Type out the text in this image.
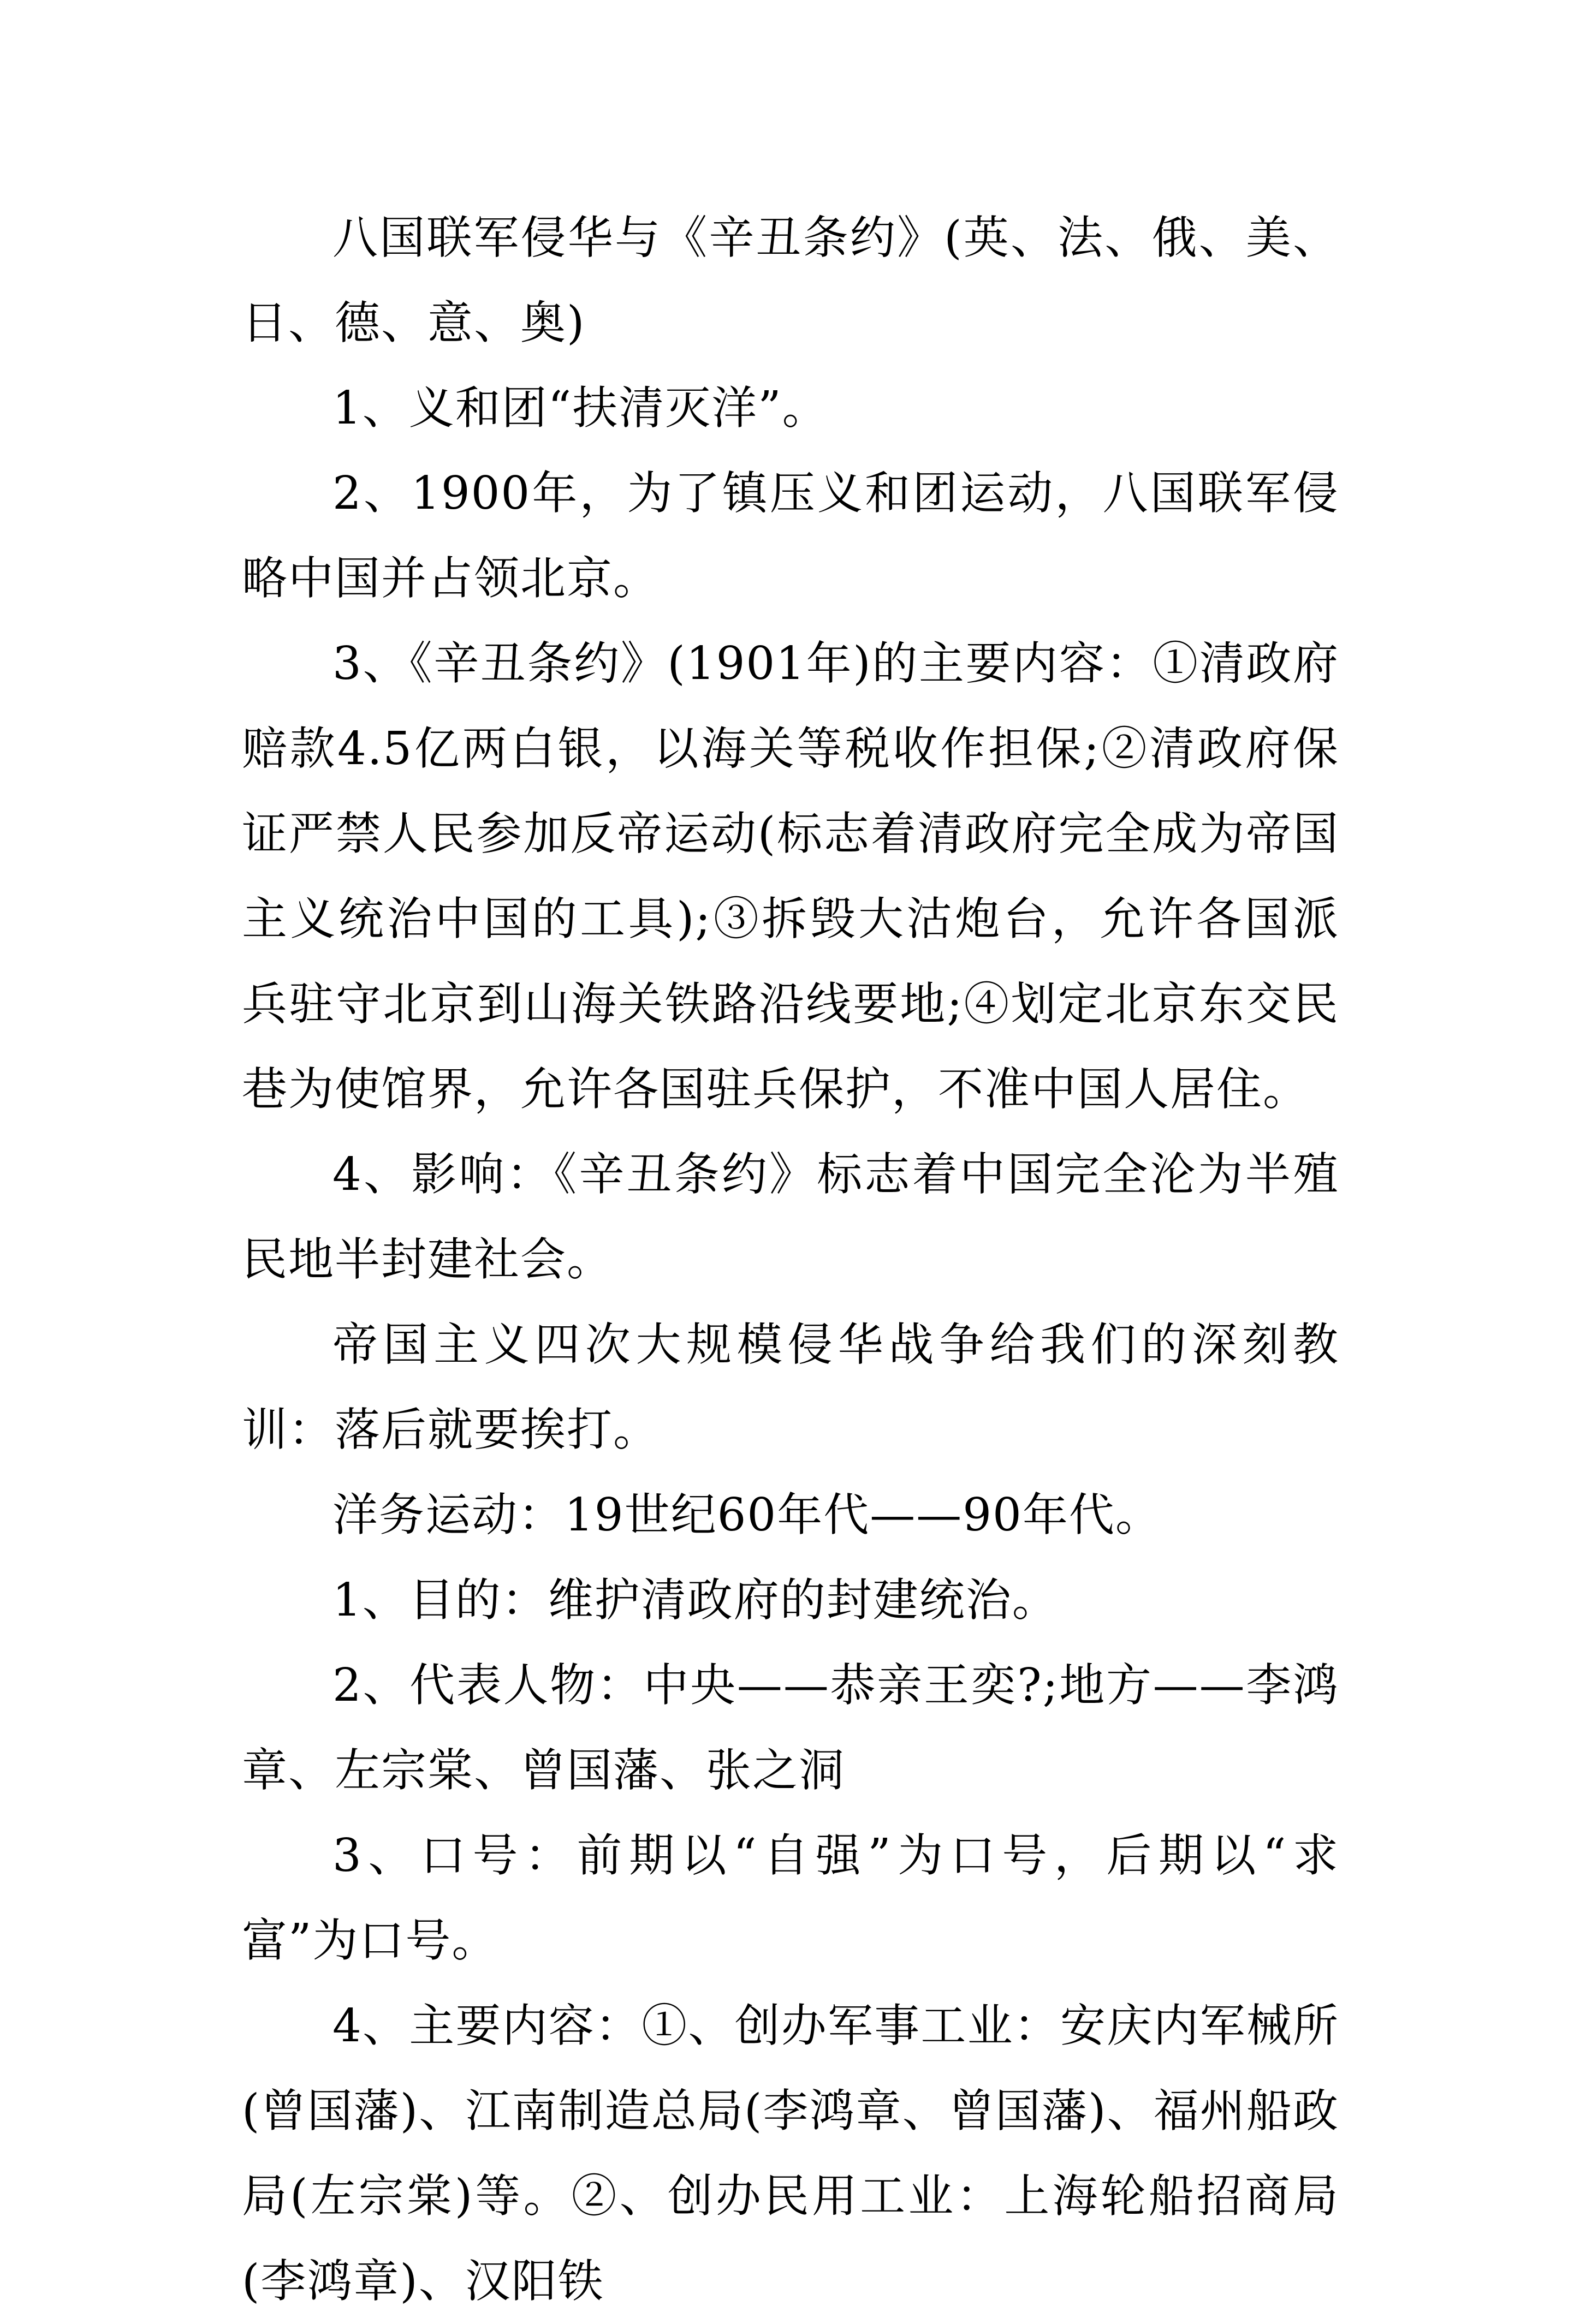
八国联军侵华与《辛丑条约》(英、法、俄、美、日、德、意、奥)

1、义和团“扶清灭洋”。

2、1900年，为了镇压义和团运动，八国联军侵略中国并占领北京。

3、《辛丑条约》(1901年)的主要内容：①清政府赔款4.5亿两白银，以海关等税收作担保;②清政府保证严禁人民参加反帝运动(标志着清政府完全成为帝国主义统治中国的工具);③拆毁大沽炮台，允许各国派兵驻守北京到山海关铁路沿线要地;④划定北京东交民巷为使馆界，允许各国驻兵保护，不准中国人居住。

4、影响：《辛丑条约》标志着中国完全沦为半殖民地半封建社会。

帝国主义四次大规模侵华战争给我们的深刻教训：落后就要挨打。

洋务运动：19世纪60年代——90年代。

1、目的：维护清政府的封建统治。

2、代表人物：中央——恭亲王奕?;地方——李鸿章、左宗棠、曾国藩、张之洞

3、口号：前期以“自强”为口号，后期以“求富”为口号。

4、主要内容：①、创办军事工业：安庆内军械所(曾国藩)、江南制造总局(李鸿章、曾国藩)、福州船政局(左宗棠)等。②、创办民用工业：上海轮船招商局(李鸿章)、汉阳铁
